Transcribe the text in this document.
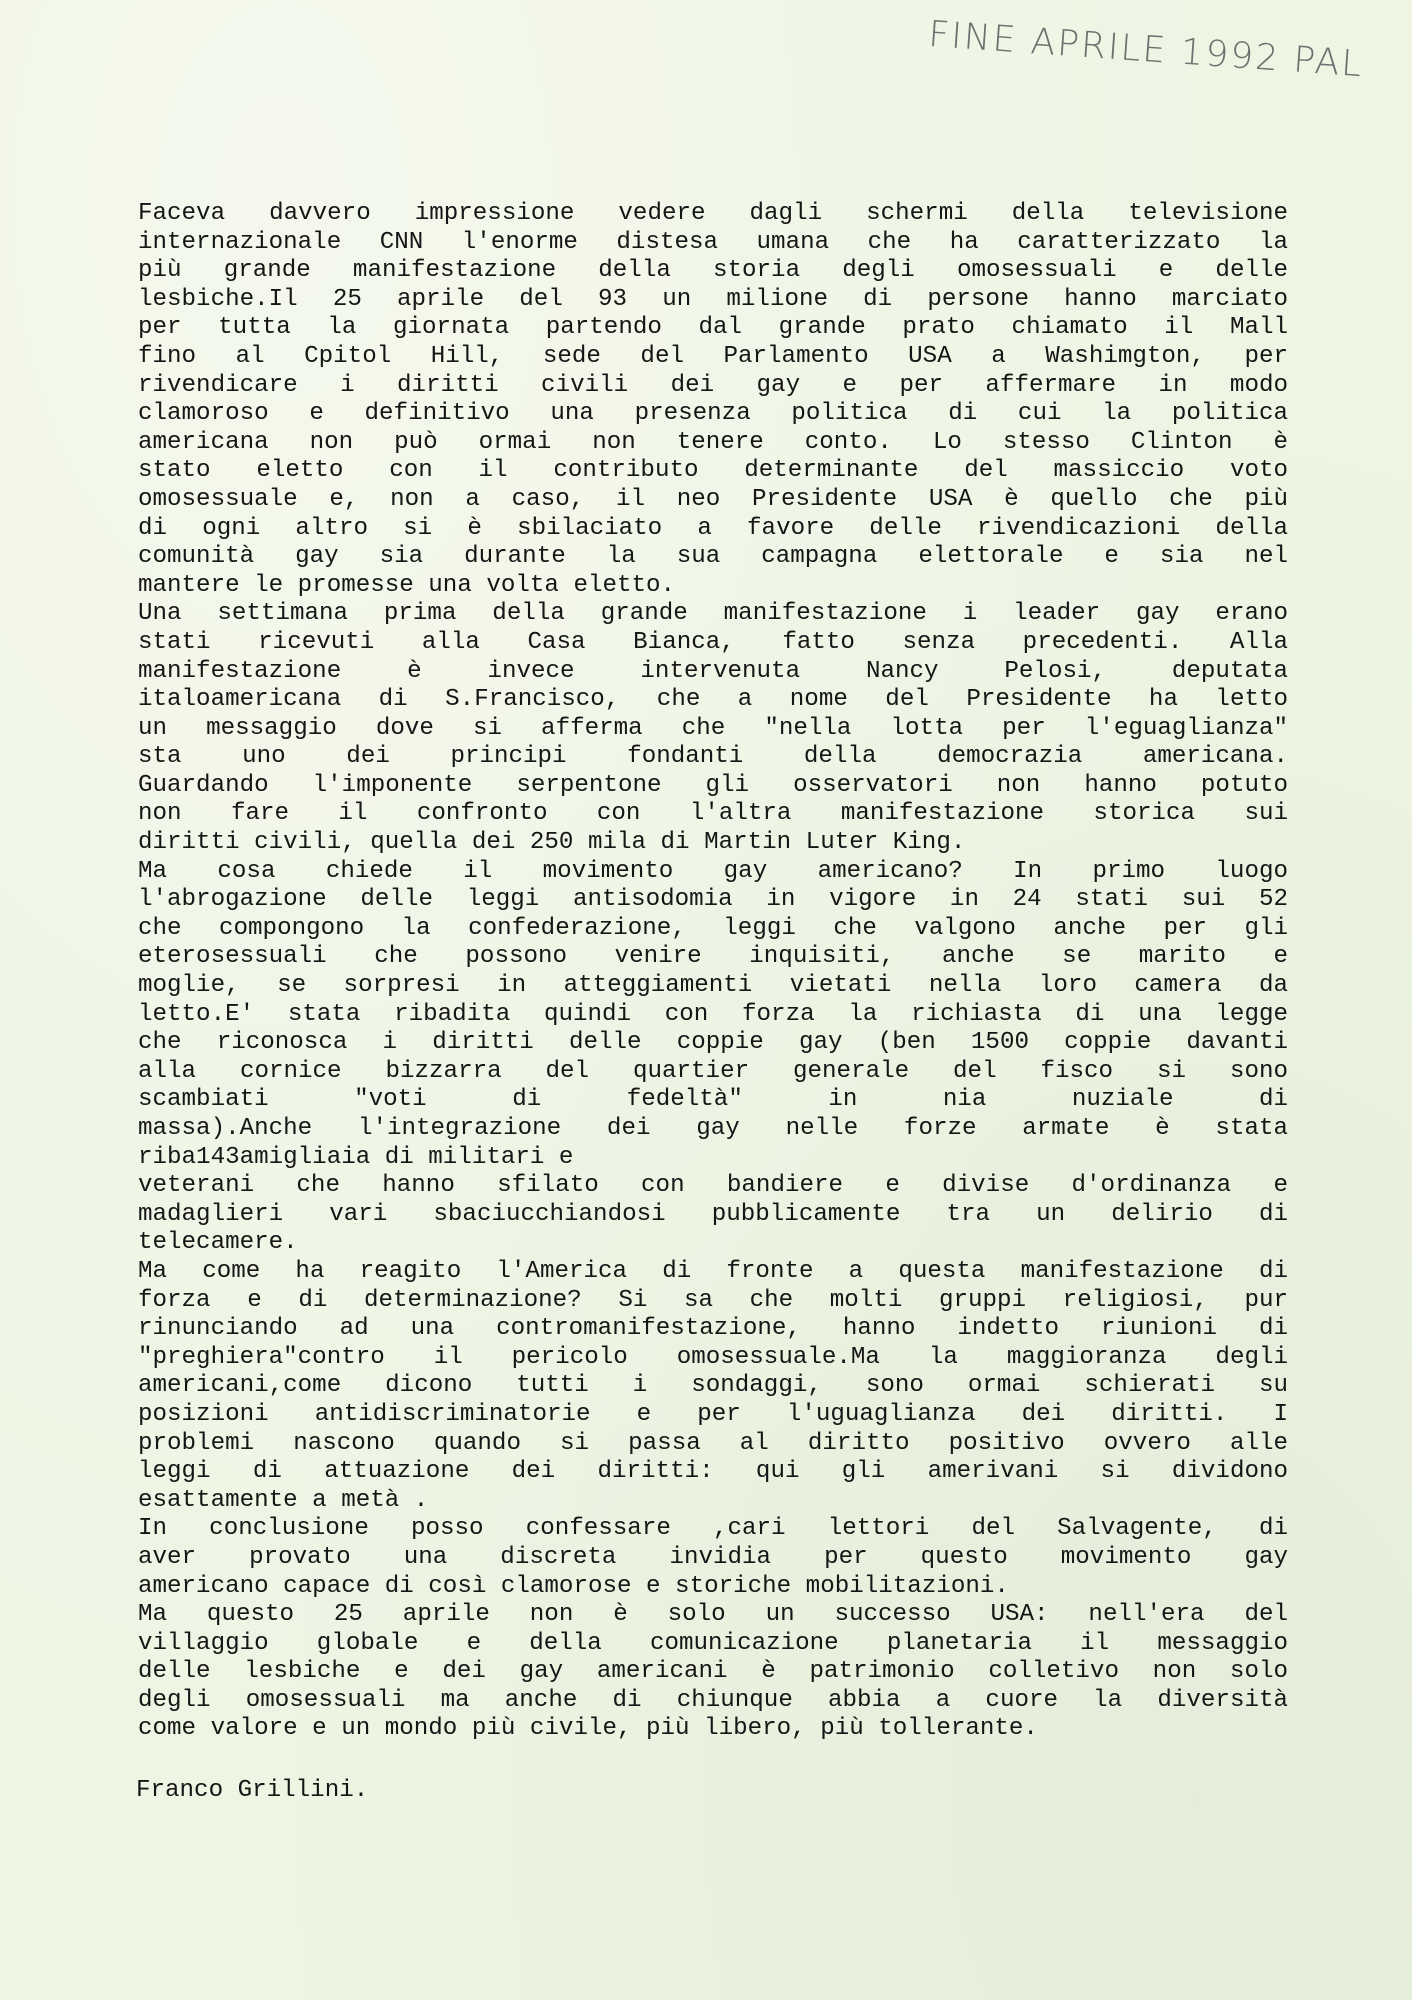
FINE APRILE 1992 PAL
Faceva davvero impressione vedere dagli schermi della televisione
internazionale CNN l'enorme distesa umana che ha caratterizzato la
più grande manifestazione della storia degli omosessuali e delle
lesbiche.Il 25 aprile del 93 un milione di persone hanno marciato
per tutta la giornata partendo dal grande prato chiamato il Mall
fino al Cpitol Hill, sede del Parlamento USA a Washimgton, per
rivendicare i diritti civili dei gay e per affermare in modo
clamoroso e definitivo una presenza politica di cui la politica
americana non può ormai non tenere conto. Lo stesso Clinton è
stato eletto con il contributo determinante del massiccio voto
omosessuale e, non a caso, il neo Presidente USA è quello che più
di ogni altro si è sbilaciato a favore delle rivendicazioni della
comunità gay sia durante la sua campagna elettorale e sia nel
mantere le promesse una volta eletto.
Una settimana prima della grande manifestazione i leader gay erano
stati ricevuti alla Casa Bianca, fatto senza precedenti. Alla
manifestazione è invece intervenuta Nancy Pelosi, deputata
italoamericana di S.Francisco, che a nome del Presidente ha letto
un messaggio dove si afferma che "nella lotta per l'eguaglianza"
sta uno dei principi fondanti della democrazia americana.
Guardando l'imponente serpentone gli osservatori non hanno potuto
non fare il confronto con l'altra manifestazione storica sui
diritti civili, quella dei 250 mila di Martin Luter King.
Ma cosa chiede il movimento gay americano? In primo luogo
l'abrogazione delle leggi antisodomia in vigore in 24 stati sui 52
che compongono la confederazione, leggi che valgono anche per gli
eterosessuali che possono venire inquisiti, anche se marito e
moglie, se sorpresi in atteggiamenti vietati nella loro camera da
letto.E' stata ribadita quindi con forza la richiasta di una legge
che riconosca i diritti delle coppie gay (ben 1500 coppie davanti
alla cornice bizzarra del quartier generale del fisco si sono
scambiati "voti di fedeltà" in nia nuziale di
massa).Anche l'integrazione dei gay nelle forze armate è stata
riba143amigliaia di militari e
veterani che hanno sfilato con bandiere e divise d'ordinanza e
madaglieri vari sbaciucchiandosi pubblicamente tra un delirio di
telecamere.
Ma come ha reagito l'America di fronte a questa manifestazione di
forza e di determinazione? Si sa che molti gruppi religiosi, pur
rinunciando ad una contromanifestazione, hanno indetto riunioni di
"preghiera"contro il pericolo omosessuale.Ma la maggioranza degli
americani,come dicono tutti i sondaggi, sono ormai schierati su
posizioni antidiscriminatorie e per l'uguaglianza dei diritti. I
problemi nascono quando si passa al diritto positivo ovvero alle
leggi di attuazione dei diritti: qui gli amerivani si dividono
esattamente a metà .
In conclusione posso confessare ,cari lettori del Salvagente, di
aver provato una discreta invidia per questo movimento gay
americano capace di così clamorose e storiche mobilitazioni.
Ma questo 25 aprile non è solo un successo USA: nell'era del
villaggio globale e della comunicazione planetaria il messaggio
delle lesbiche e dei gay americani è patrimonio colletivo non solo
degli omosessuali ma anche di chiunque abbia a cuore la diversità
come valore e un mondo più civile, più libero, più tollerante.
Franco Grillini.
